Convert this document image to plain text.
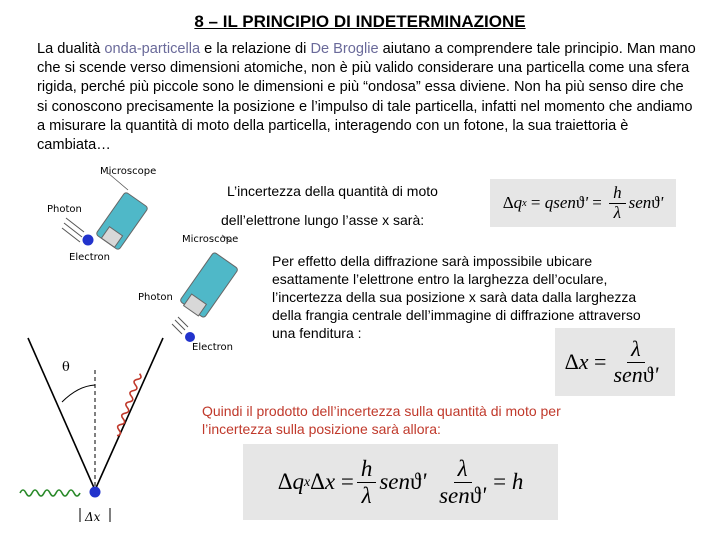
8 – IL PRINCIPIO DI INDETERMINAZIONE
La dualità onda-particella e la relazione di De Broglie aiutano a comprendere tale principio. Man mano che si scende verso dimensioni atomiche, non è più valido considerare una particella come una sfera rigida, perché più piccole sono le dimensioni e più “ondosa” essa diviene. Non ha più senso dire che si conoscono precisamente la posizione e l’impulso di tale particella, infatti nel momento che andiamo a misurare la quantità di moto della particella, interagendo con un fotone, la sua traiettoria è cambiata…
Microscope
Photon
Electron
Microscope
Photon
Electron
θ
Δx
L’incertezza della quantità di moto
dell’elettrone lungo l’asse x sarà:
Δ q x = qsen ϑ ' = $\frac{h}{\lambda}$ sen ϑ '
Per effetto della diffrazione sarà impossibile ubicare esattamente l’elettrone entro la larghezza dell’oculare, l’incertezza della sua posizione x sarà data dalla larghezza della frangia centrale dell’immagine di diffrazione attraverso una fenditura :
Δ $x = \frac{\lambda}{\text{senϑ'}}$
Quindi il prodotto dell’incertezza sulla quantità di moto per l’incertezza sulla posizione sarà allora:
Δ q x Δ $x = \frac{h}{\lambda}$ sen ϑ '
$\frac{\lambda}{\text{senϑ'}} = h$
